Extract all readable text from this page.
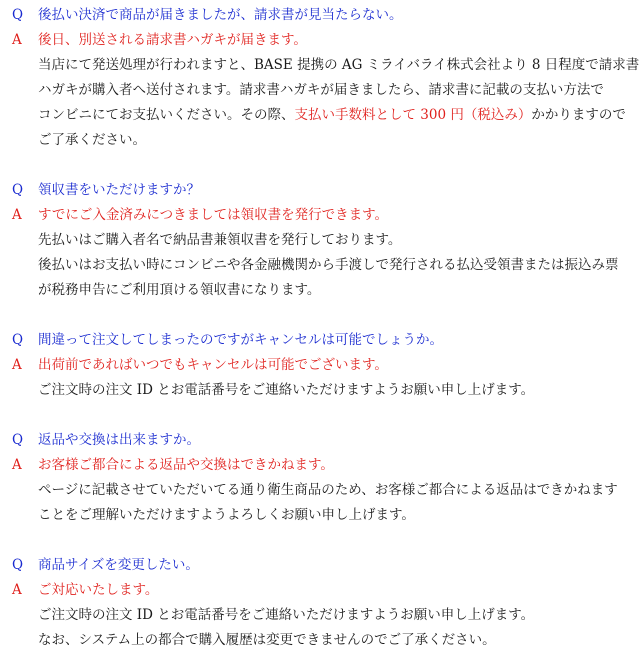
Q	後払い決済で商品が届きましたが、請求書が見当たらない。
A	後日、別送される請求書ハガキが届きます。
当店にて発送処理が行われますと、BASE 提携の AG ミライバライ株式会社より 8 日程度で請求書
ハガキが購入者へ送付されます。請求書ハガキが届きましたら、請求書に記載の支払い方法で
コンビニにてお支払いください。その際、支払い手数料として 300 円（税込み）かかりますので
ご了承ください。
Q	領収書をいただけますか？
A	すでにご入金済みにつきましては領収書を発行できます。
先払いはご購入者名で納品書兼領収書を発行しております。
後払いはお支払い時にコンビニや各金融機関から手渡しで発行される払込受領書または振込み票
が税務申告にご利用頂ける領収書になります。
Q	間違って注文してしまったのですがキャンセルは可能でしょうか。
A	出荷前であればいつでもキャンセルは可能でございます。
ご注文時の注文 ID とお電話番号をご連絡いただけますようお願い申し上げます。
Q	返品や交換は出来ますか。
A	お客様ご都合による返品や交換はできかねます。
ページに記載させていただいてる通り衛生商品のため、お客様ご都合による返品はできかねます
ことをご理解いただけますようよろしくお願い申し上げます。
Q	商品サイズを変更したい。
A	ご対応いたします。
ご注文時の注文 ID とお電話番号をご連絡いただけますようお願い申し上げます。
なお、システム上の都合で購入履歴は変更できませんのでご了承ください。
